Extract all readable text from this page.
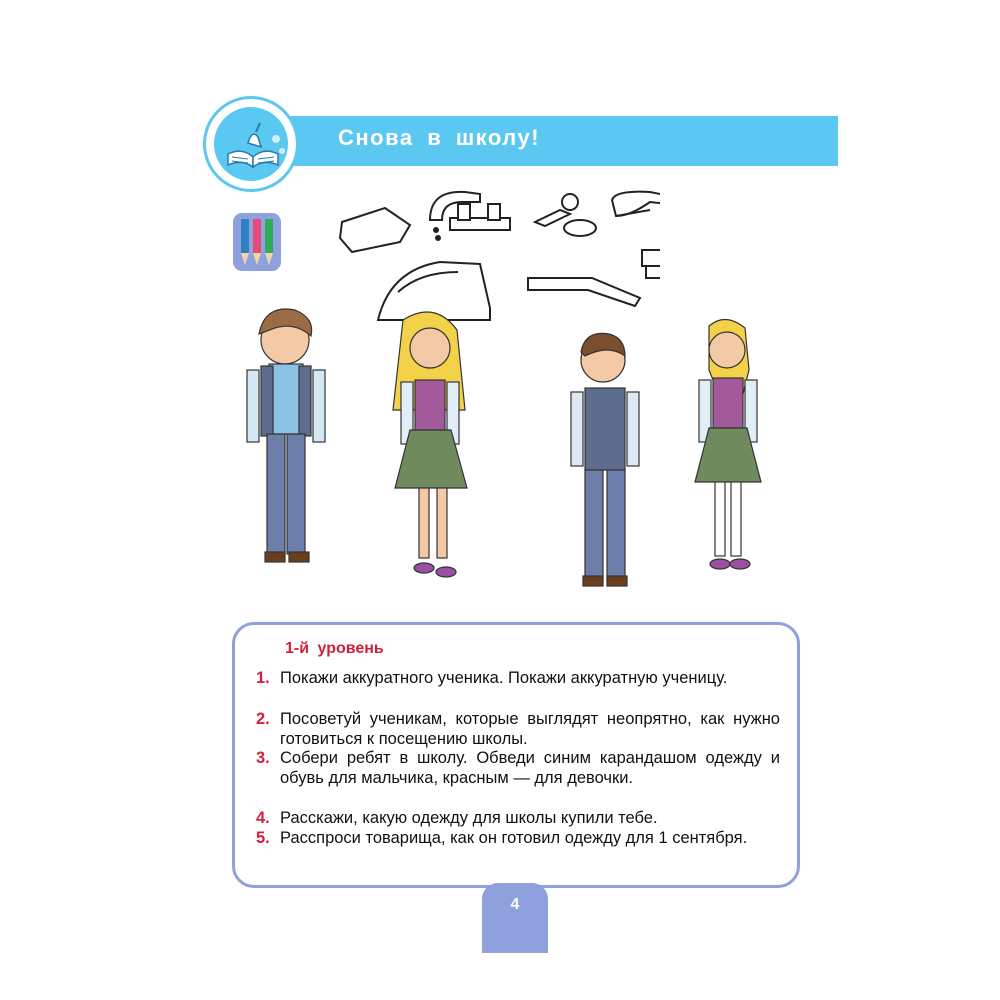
Снова в школу!
1-й уровень
1. Покажи аккуратного ученика. Покажи аккуратную ученицу.
2. Посоветуй ученикам, которые выглядят неопрятно, как нужно готовиться к посещению школы.
3. Собери ребят в школу. Обведи синим карандашом одежду и обувь для мальчика, красным — для девочки.
4. Расскажи, какую одежду для школы купили тебе.
5. Расспроси товарища, как он готовил одежду для 1 сентября.
4
